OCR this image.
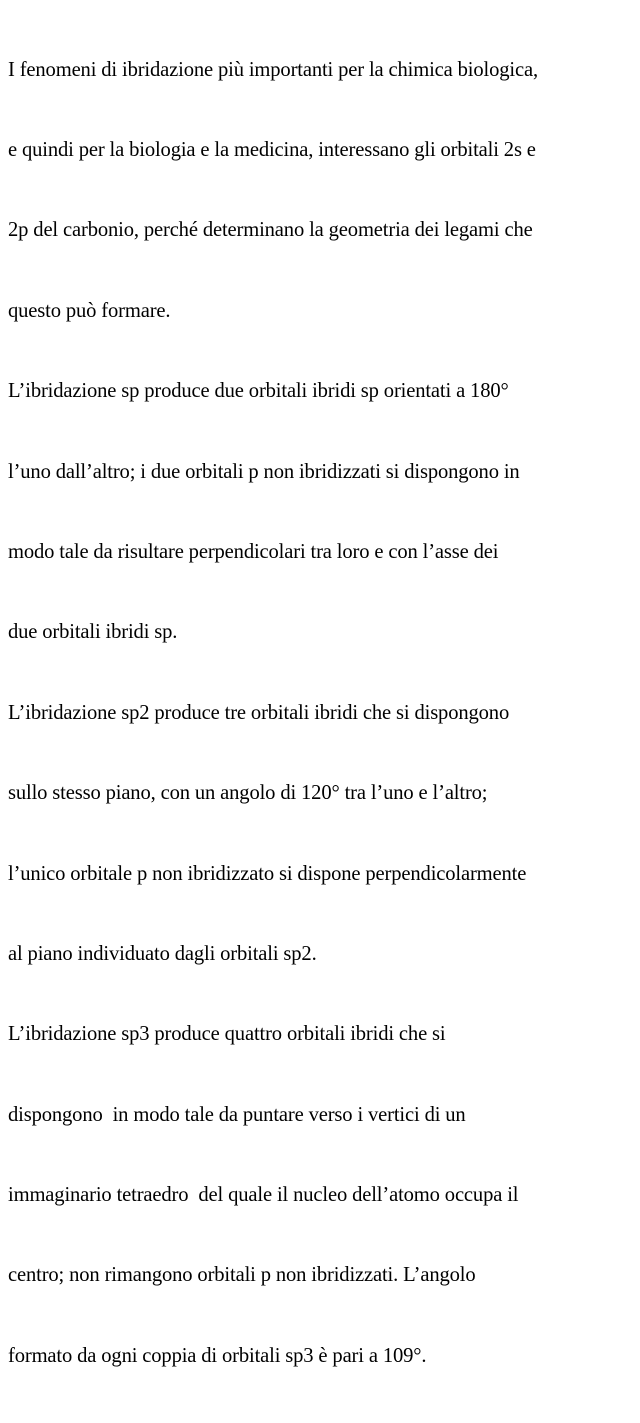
I fenomeni di ibridazione più importanti per la chimica biologica,

e quindi per la biologia e la medicina, interessano gli orbitali 2s e

2p del carbonio, perché determinano la geometria dei legami che

questo può formare.

L’ibridazione sp produce due orbitali ibridi sp orientati a 180°

l’uno dall’altro; i due orbitali p non ibridizzati si dispongono in

modo tale da risultare perpendicolari tra loro e con l’asse dei

due orbitali ibridi sp.

L’ibridazione sp2 produce tre orbitali ibridi che si dispongono

sullo stesso piano, con un angolo di 120° tra l’uno e l’altro;

l’unico orbitale p non ibridizzato si dispone perpendicolarmente

al piano individuato dagli orbitali sp2.

L’ibridazione sp3 produce quattro orbitali ibridi che si

dispongono  in modo tale da puntare verso i vertici di un

immaginario tetraedro  del quale il nucleo dell’atomo occupa il

centro; non rimangono orbitali p non ibridizzati. L’angolo

formato da ogni coppia di orbitali sp3 è pari a 109°.
